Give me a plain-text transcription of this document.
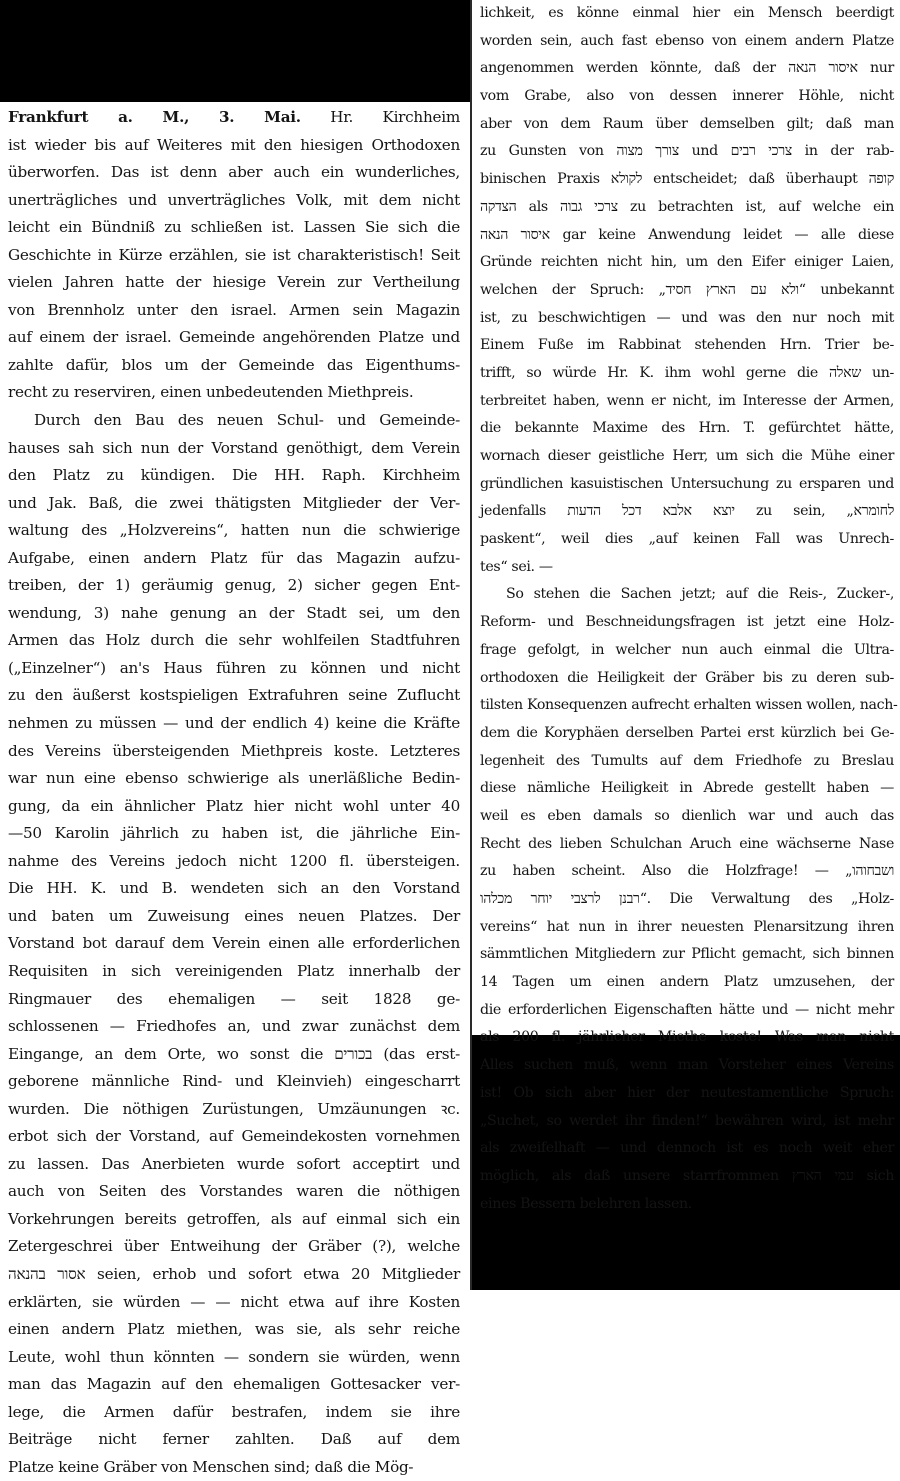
Frankfurt a. M., 3. Mai. Hr. Kirchheim
ist wieder bis auf Weiteres mit den hiesigen Orthodoxen
überworfen. Das ist denn aber auch ein wunderliches,
unerträgliches und unverträgliches Volk, mit dem nicht
leicht ein Bündniß zu schließen ist. Lassen Sie sich die
Geschichte in Kürze erzählen, sie ist charakteristisch! Seit
vielen Jahren hatte der hiesige Verein zur Vertheilung
von Brennholz unter den israel. Armen sein Magazin
auf einem der israel. Gemeinde angehörenden Platze und
zahlte dafür, blos um der Gemeinde das Eigenthums-
recht zu reserviren, einen unbedeutenden Miethpreis.
Durch den Bau des neuen Schul- und Gemeinde-
hauses sah sich nun der Vorstand genöthigt, dem Verein
den Platz zu kündigen. Die HH. Raph. Kirchheim
und Jak. Baß, die zwei thätigsten Mitglieder der Ver-
waltung des „Holzvereins“, hatten nun die schwierige
Aufgabe, einen andern Platz für das Magazin aufzu-
treiben, der 1) geräumig genug, 2) sicher gegen Ent-
wendung, 3) nahe genung an der Stadt sei, um den
Armen das Holz durch die sehr wohlfeilen Stadtfuhren
(„Einzelner“) an's Haus führen zu können und nicht
zu den äußerst kostspieligen Extrafuhren seine Zuflucht
nehmen zu müssen — und der endlich 4) keine die Kräfte
des Vereins übersteigenden Miethpreis koste. Letzteres
war nun eine ebenso schwierige als unerläßliche Bedin-
gung, da ein ähnlicher Platz hier nicht wohl unter 40
—50 Karolin jährlich zu haben ist, die jährliche Ein-
nahme des Vereins jedoch nicht 1200 fl. übersteigen.
Die HH. K. und B. wendeten sich an den Vorstand
und baten um Zuweisung eines neuen Platzes. Der
Vorstand bot darauf dem Verein einen alle erforderlichen
Requisiten in sich vereinigenden Platz innerhalb der
Ringmauer des ehemaligen — seit 1828 ge-
schlossenen — Friedhofes an, und zwar zunächst dem
Eingange, an dem Orte, wo sonst die בכורים (das erst-
geborene männliche Rind- und Kleinvieh) eingescharrt
wurden. Die nöthigen Zurüstungen, Umzäunungen ꝛc.
erbot sich der Vorstand, auf Gemeindekosten vornehmen
zu lassen. Das Anerbieten wurde sofort acceptirt und
auch von Seiten des Vorstandes waren die nöthigen
Vorkehrungen bereits getroffen, als auf einmal sich ein
Zetergeschrei über Entweihung der Gräber (?), welche
אסור בהנאה seien, erhob und sofort etwa 20 Mitglieder
erklärten, sie würden — — nicht etwa auf ihre Kosten
einen andern Platz miethen, was sie, als sehr reiche
Leute, wohl thun könnten — sondern sie würden, wenn
man das Magazin auf den ehemaligen Gottesacker ver-
lege, die Armen dafür bestrafen, indem sie ihre
Beiträge nicht ferner zahlten. Daß auf dem
Platze keine Gräber von Menschen sind; daß die Mög-
lichkeit, es könne einmal hier ein Mensch beerdigt
worden sein, auch fast ebenso von einem andern Platze
angenommen werden könnte, daß der איסור הנאה nur
vom Grabe, also von dessen innerer Höhle, nicht
aber von dem Raum über demselben gilt; daß man
zu Gunsten von צורך מצוה und צרכי רבים in der rab-
binischen Praxis לקולא entscheidet; daß überhaupt קופה
הצדקה als צרכי גבוה zu betrachten ist, auf welche ein
איסור הנאה gar keine Anwendung leidet — alle diese
Gründe reichten nicht hin, um den Eifer einiger Laien,
welchen der Spruch: „ולא עם הארץ חסיד“ unbekannt
ist, zu beschwichtigen — und was den nur noch mit
Einem Fuße im Rabbinat stehenden Hrn. Trier be-
trifft, so würde Hr. K. ihm wohl gerne die שאלה un-
terbreitet haben, wenn er nicht, im Interesse der Armen,
die bekannte Maxime des Hrn. T. gefürchtet hätte,
wornach dieser geistliche Herr, um sich die Mühe einer
gründlichen kasuistischen Untersuchung zu ersparen und
jedenfalls יוצא אלבא דכל הדעות zu sein, „לחומרא
paskent“, weil dies „auf keinen Fall was Unrech-
tes“ sei. —
So stehen die Sachen jetzt; auf die Reis-, Zucker-,
Reform- und Beschneidungsfragen ist jetzt eine Holz-
frage gefolgt, in welcher nun auch einmal die Ultra-
orthodoxen die Heiligkeit der Gräber bis zu deren sub-
tilsten Konsequenzen aufrecht erhalten wissen wollen, nach-
dem die Koryphäen derselben Partei erst kürzlich bei Ge-
legenheit des Tumults auf dem Friedhofe zu Breslau
diese nämliche Heiligkeit in Abrede gestellt haben —
weil es eben damals so dienlich war und auch das
Recht des lieben Schulchan Aruch eine wächserne Nase
zu haben scheint. Also die Holzfrage! — „ושבחוהו
רבנן לרצבי יוחר מכלהו“. Die Verwaltung des „Holz-
vereins“ hat nun in ihrer neuesten Plenarsitzung ihren
sämmtlichen Mitgliedern zur Pflicht gemacht, sich binnen
14 Tagen um einen andern Platz umzusehen, der
die erforderlichen Eigenschaften hätte und — nicht mehr
als 200 fl. jährlicher Miethe koste! Was man nicht
Alles suchen muß, wenn man Vorsteher eines Vereins
ist! Ob sich aber hier der neutestamentliche Spruch:
„Suchet, so werdet ihr finden!“ bewähren wird, ist mehr
als zweifelhaft — und dennoch ist es noch weit eher
möglich, als daß unsere starrfrommen עמי הארץ sich
eines Bessern belehren lassen.
